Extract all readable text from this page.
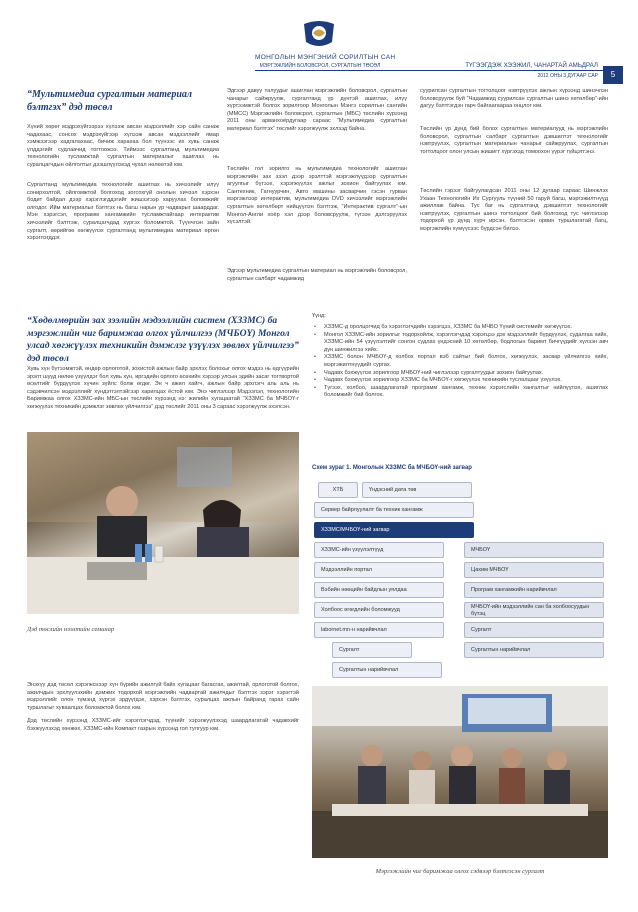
МОНГОЛЫН МЭНГЭНИЙ СОРИЛТЫН САН
МЭРГЭЖЛИЙН БОЛОВСРОЛ, СУРГАЛТЫН ТӨСӨЛ	ТҮГЭЭГДЭЖ ХЭЭЖИЛ, ЧАНАРТАЙ АМЬДРАЛ
2012 ОНЫ 3 ДУГААР САР	5
“Мультимедиа сургалтын материал бэлтгэх” дэд төсөл
Хүний хөрөг мэдрэхүйгээрээ хүлээж авсан мэдээллийг хэр сайн санаж чадахаас, сонсох мэдрэхүйгээр хүлээж авсан мэдээллийг ямар хэмжээгээр хадгалахаас, бичиж харахаа бол түүнээс их хувь санаж үлддэгийг судлаачид тогтоожээ. Тиймээс сургалтанд мультимедиа технологийн тусламжтай сургалтын материалыг ашиглах нь суралцагчдын ойлголтыг дээшлүүлэхэд чухал нөлөөтэй юм.
Сургалтанд мультимедиа технологийг ашиглах нь хичээлийг илүү сонирхолтой, ойлгомжтой болгоход зогсохгүй онолын хичээл хэрхэн бодит байдал дээр хэрэглэгддэгийг жишээгээр харуулах боломжийг олгодог. Ийм материалыг бэлтгэх нь багш нарын ур чадварыг шаарддаг. Мэн хэрэгсэл, программ хангамжийн тусламжтайгаар интерактив хичээлийг бэлтгэж, суралцагчдад хүргэх боломжтой. Түүнчлэн зайн сургалт, өөрийгөө хөгжүүлэх сургалтанд мультимедиа материал өргөн хэрэглэгддэг.
Эдгээр давуу талуудыг ашиглан мэргэжлийн боловсрол, сургалтын чанарыг сайжруулж, сургалтанд үр дүнтэй ашиглах, илүү хүртээмжтэй болгох зорилгоор Монголын Мэнгэ сорилтын сангийн (ММСС) Мэргэжлийн боловсрол, сургалтын (МБС) төслийн хүрээнд 2011 оны арванхоёрдугаар сараас “Мультимедиа сургалтын материал бэлтгэх” төслийг хэрэгжүүлж эхлээд байна.
Төслийн гол зорилго нь мультимедиа технологийг ашиглан мэргэжлийн зах зээл дээр эрэлттэй мэргэжлүүдээр сургалтын агуулгыг бүтээх, хэрэгжүүлэх ажлыг зохион байгуулах юм. Сантехник, Гагнуурчин, Авто машины засварчин гэсэн гурван мэргэжлээр интерактив, мультимедиа DVD хичээлийг мэргэжлийн сургалтын хөтөлбөрт нийцүүлэн бэлтгэж, “Интерактив сургалт”-ын Монгол-Англи хоёр хэл дээр боловсруулж, түгээн дэлгэрүүлэх хүсэлтэй.
Эдгээр мультимедиа сургалтын материал нь мэргэжлийн боловсрол, сургалтын салбарт чадамжид
суурилсан сургалтын тогтолцоог нэвтрүүлэх ажлын хүрээнд шинэчлэн боловсруулж буй “Чадамжид суурилсан сургалтын шинэ хөтөлбөр”-ийн дагуу бэлтгэгдэн гарч байгаагаараа онцлог юм.
Төслийн үр дүнд бий болох сургалтын материалууд нь мэргэжлийн боловсрол, сургалтын салбарт сургалтын дэвшилтэт технологийг нэвтрүүлэх, сургалтын материалын чанарыг сайжруулах, сургалтын тогтолцоог олон улсын жишигт хүргэхэд томоохон үүрэг гүйцэтгэнэ.
Төслийн гэрээг байгуулагдсан 2011 оны 12 дугаар сараас Шинжлэх Ухаан Технологийн Их Сургууль түүний 50 гаруй багш, мэргэжилтнүүд ажиллаж байна. Тус баг нь сургалтанд дэвшилтэт технологийг нэвтрүүлэх, сургалтын шинэ тогтолцоог бий болгоход тус чиглэлээр тодорхой үр дүнд хүрч ирсэн, бэлтгэсэн орвин туршлагатай багц, мэргэжлийн хүмүүсээс бүрдсэн билээ.
“Хөдөлмөрийн зах зээлийн мэдээллийн систем (ХЗЗМС) ба мэргэжлийн чиг баримжаа олгох үйлчилгээ (МЧБОҮ) Монгол улсад хөгжүүлэх техникийн дэмжлэг үзүүлэх зөвлөх үйлчилгээ” дэд төсөл
Хувь хүн бүтээмжтэй, өндөр орлоготой, зохистой ажлын байр эрхлэх болохыг олгох мэдээ нь өдгүүрийн эрэлт шууд нөлөө үзүүлдэг бол хувь хүн, иргэдийн орлого өсөхийн хэрээр улсын эдийн засаг тогтвортой өсөлтийг бүрдүүлэх хүчин зүйлс болж өгдөг. Эн ч ажил хайгч, ажлын байр эрхлэгч аль аль нь сэдэвчилсэн мэдээллийг хүндэтгэлтэйгээр харилцах ёстой юм. Энэ чиглэлээр Мэдээлэл, технологийн Баримжаа олгох ХЗЗМС-ийн МБС-ын төслийн хүрээнд нэ: жилийн хугацаатай “ХЗЗМС ба МЧБОҮ-г хөгжүүлэх техникийн дэмжлэг зөвлөх үйлчилгээ” дэд төслийг 2011 оны 3 сараас хэрэгжүүлж эхэлсэн.
Дэд төслийн нээлтийн семинар
Энэхүү дэд төсөл хэрэгжснээр хүн бүрийн ажилгүй байх хугацааг багасгах, ажилтай, орлоготой болгох, ажилчдын эрхлүүлэхийн дэмжих тодорхой мэргэжлийн чадвартай ажилчдыг бэлтгэх зэрэг хэрэгтэй мэдээллийг олон түмэнд хүргэх эрдүүгдэх, хэрхэн бэлтгэх, суралцах ажлын байранд гарах сайн туршлагыг хуваалцах боломжтой болох юм.
Дэд төслийн хүрээнд ХЗЗМС-ийг хэрэглэгчдэд, түүнийг хэрэгжүүлэхэд шаардлагатай чадавхийг бэхжүүлэхэд хөнжөх, ХЗЗМС-ийн Компакт газрын хүрээнд гол тулгуур юм.
Үүнд:
• ХЗЗМС-д оролцогчид бэ хэрэглэгчдийн хэрэгцээ, ХЗЗМС ба МЧБО Үүний системийг хөгжүүлэх.
• Монгол ХЗЗМС-ийн зорилгыг тодорхойлж, хэрэглэгчдэд хэрэгцээ дэх мэдээллийг бүрдүүлэх, судалгаа хийх, ХЗЗМС-ийн 54 үзүүлэлтийг сонгон судлах үндэсний 10 хөтөлбөр, бодлогын баримт бичгүүдийг хүлээн авч дүн шинжилгээ хийх.
• ХЗЗМС болон МЧБОҮ-д холбох портал вэб сайтыг бий болгох, хөгжүүлэх, засвар үйлчилгээ хийх, мэргэжилтнүүдийг сургах.
• Чадавх бэхжүүлэх зорилгоор МЧБОҮ-ний чиглэлээр сургалтуудыг зохион байгуулах.
• Чадавх бэхжүүлэх зорилгоор ХЗЗМС ба МЧБОҮ-г хөгжүүлэх техникийн туслалцааг үзүүлэх.
• Түгээх, холбоо, шаардлагатай программ хангамж, техник хэрэгслийн хангалтыг нийлүүлэх, ашиглах боломжийг бий болгох.
Схем зураг 1. Монголын ХЗЗМС ба МЧБОҮ-ний загвар
ХТБ	Үндэсний дата төв
Сервер байрлуулалт ба техник хангамж
ХЗЗМС/МЧБОҮ-ний загвар
ХЗЗМС-ийн үзүүлэлтүүд
Мэдээллийн портал
Вэбийн нөөцийн байдлын уялдаа
Холбоос өгөгдлийн боломжууд
labornet.mn-н нарийвчлал
МЧБОҮ
Цахим МЧБОҮ
Програм хангамжийн нарийвчлал
МЧБОҮ-ийн мэдээллийн сан ба холбоосуудын бүтэц
Сургалт
Сургалт	Сургалтын нарийвчлал
Сургалтын нарийвчлал
Мэргэжлийн чиг баримжаа олгох сэдвээр бэлтгэсэн сургалт
